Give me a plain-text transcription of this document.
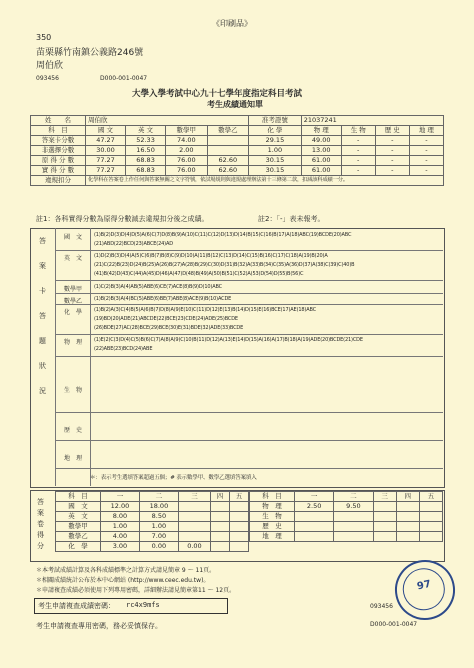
《印刷品》
350
苗栗縣竹南鎮公義路246號
周伯欣
093456	D000-001-0047
大學入學考試中心九十七學年度指定科目考試
考生成績通知單
姓　　名	周伯欣				准考證號	21037241			
科　目	國 文	英 文	數學甲	數學乙	化 學	物 理	生 物	歷 史	地 理
答案卡分數	47.27	52.33	74.00		29.15	49.00	-	-	-
非選擇分數	30.00	16.50	2.00		1.00	13.00	-	-	-
原 得 分 數	77.27	68.83	76.00	62.60	30.15	61.00	-	-	-
實 得 分 數	77.27	68.83	76.00	62.60	30.15	61.00	-	-	-
違規扣分	化學科在答案卷上作任何與答案無關之文字符號，依試場規則與違規處理辦法第十三條第二款，扣減該科成績一分。								
註1：各科實得分數為原得分數減去違規扣分後之成績。	註2：「-」表未報考。
答
案
卡
答
題
狀
況
國　文 (1)B(2)D(3)D(4)D(5)A(6)C(7)D(8)B(9)A(10)C(11)C(12)D(13)D(14)B(15)C(16)B(17)A(18)ABC(19)BCDE(20)ABC
(21)ABD(22)BCD(23)ABCE(24)AD
英　文 (1)D(2)B(3)D(4)A(5)C(6)B(7)B(8)C(9)D(10)A(11)B(12)C(13)D(14)C(15)B(16)C(17)C(18)A(19)B(20)A
(21)C(22)B(23)D(24)B(25)A(26)B(27)A(28)B(29)C(30)D(31)B(32)A(33)B(34)C(35)A(36)D(37)A(38)C(39)C(40)B
(41)B(42)D(43)C(44)A(45)D(46)A(47)D(48)B(49)A(50)B(51)C(52)A(53)D(54)D(55)B(56)C
數學甲 (1)C(2)B(3)A(4)AB(5)ABE(6)CE(7)ACE(8)B(9)D(10)ABC
數學乙 (1)B(2)B(3)A(4)BC(5)ABE(6)BE(7)ABE(8)ACE(9)B(10)ACDE
化　學 (1)B(2)A(3)C(4)B(5)A(6)B(7)D(8)A(9)E(10)C(11)D(12)E(13)B(14)D(15)E(16)BCE(17)AE(18)ABC
(19)BD(20)ADE(21)ABCDE(22)BCE(23)CDE(24)ADE(25)BCDE
(26)BDE(27)AC(28)BCE(29)BCE(30)E(31)BDE(32)ADE(33)BCDE
物　理 (1)E(2)C(3)D(4)C(5)B(6)C(7)A(8)A(9)C(10)B(11)D(12)A(13)E(14)D(15)A(16)A(17)B(18)A(19)ADE(20)BCDE(21)CDE
(22)ABE(23)BCD(24)ABE
生　物
歷　史
地　理
＊：表示考生選填答案超過五個；# 表示數學甲、數學乙選填答案填入
答
案
卷
得
分
科　目	一	二	三	四	五
國　文	12.00	18.00			
英　文	8.00	8.50			
數學甲	1.00	1.00			
數學乙	4.00	7.00			
化　學	3.00	0.00	0.00		
科　目	一	二	三	四	五
物　理	2.50	9.50			
生　物					
歷　史					
地　理					
＊本考試成績計算及各科成績標準之計算方式請見簡章 9 ～ 11頁。
＊相關成績統計公布於本中心網站 (http://www.ceec.edu.tw)。
＊申請複查成績必須使用下列專用密碼，詳細辦法請見簡章第11 ～ 12頁。
考生申請複查成績密碼： rc4x9mfs	093456
考生申請複查專用密碼，務必妥慎保存。	D000-001-0047
97
